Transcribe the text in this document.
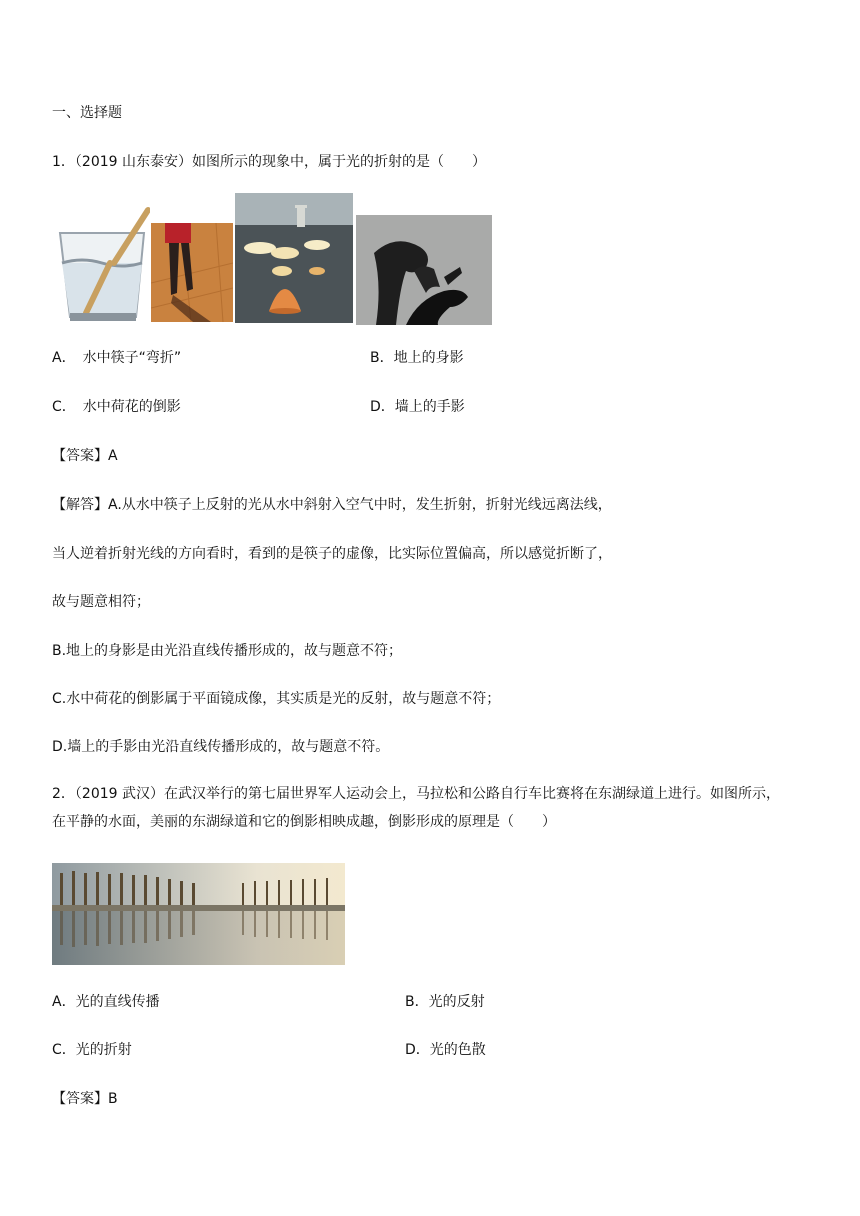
一、选择题
1．（2019 山东泰安）如图所示的现象中，属于光的折射的是（　　）
A．　水中筷子“弯折”	B．地上的身影
C．　水中荷花的倒影	D．墙上的手影
【答案】A
【解答】A.从水中筷子上反射的光从水中斜射入空气中时，发生折射，折射光线远离法线，
当人逆着折射光线的方向看时，看到的是筷子的虚像，比实际位置偏高，所以感觉折断了，
故与题意相符；
B.地上的身影是由光沿直线传播形成的，故与题意不符；
C.水中荷花的倒影属于平面镜成像，其实质是光的反射，故与题意不符；
D.墙上的手影由光沿直线传播形成的，故与题意不符。
2．（2019 武汉）在武汉举行的第七届世界军人运动会上，马拉松和公路自行车比赛将在东湖绿道上进行。如图所示，
在平静的水面，美丽的东湖绿道和它的倒影相映成趣，倒影形成的原理是（　　）
A．光的直线传播	B．光的反射
C．光的折射	D．光的色散
【答案】B
